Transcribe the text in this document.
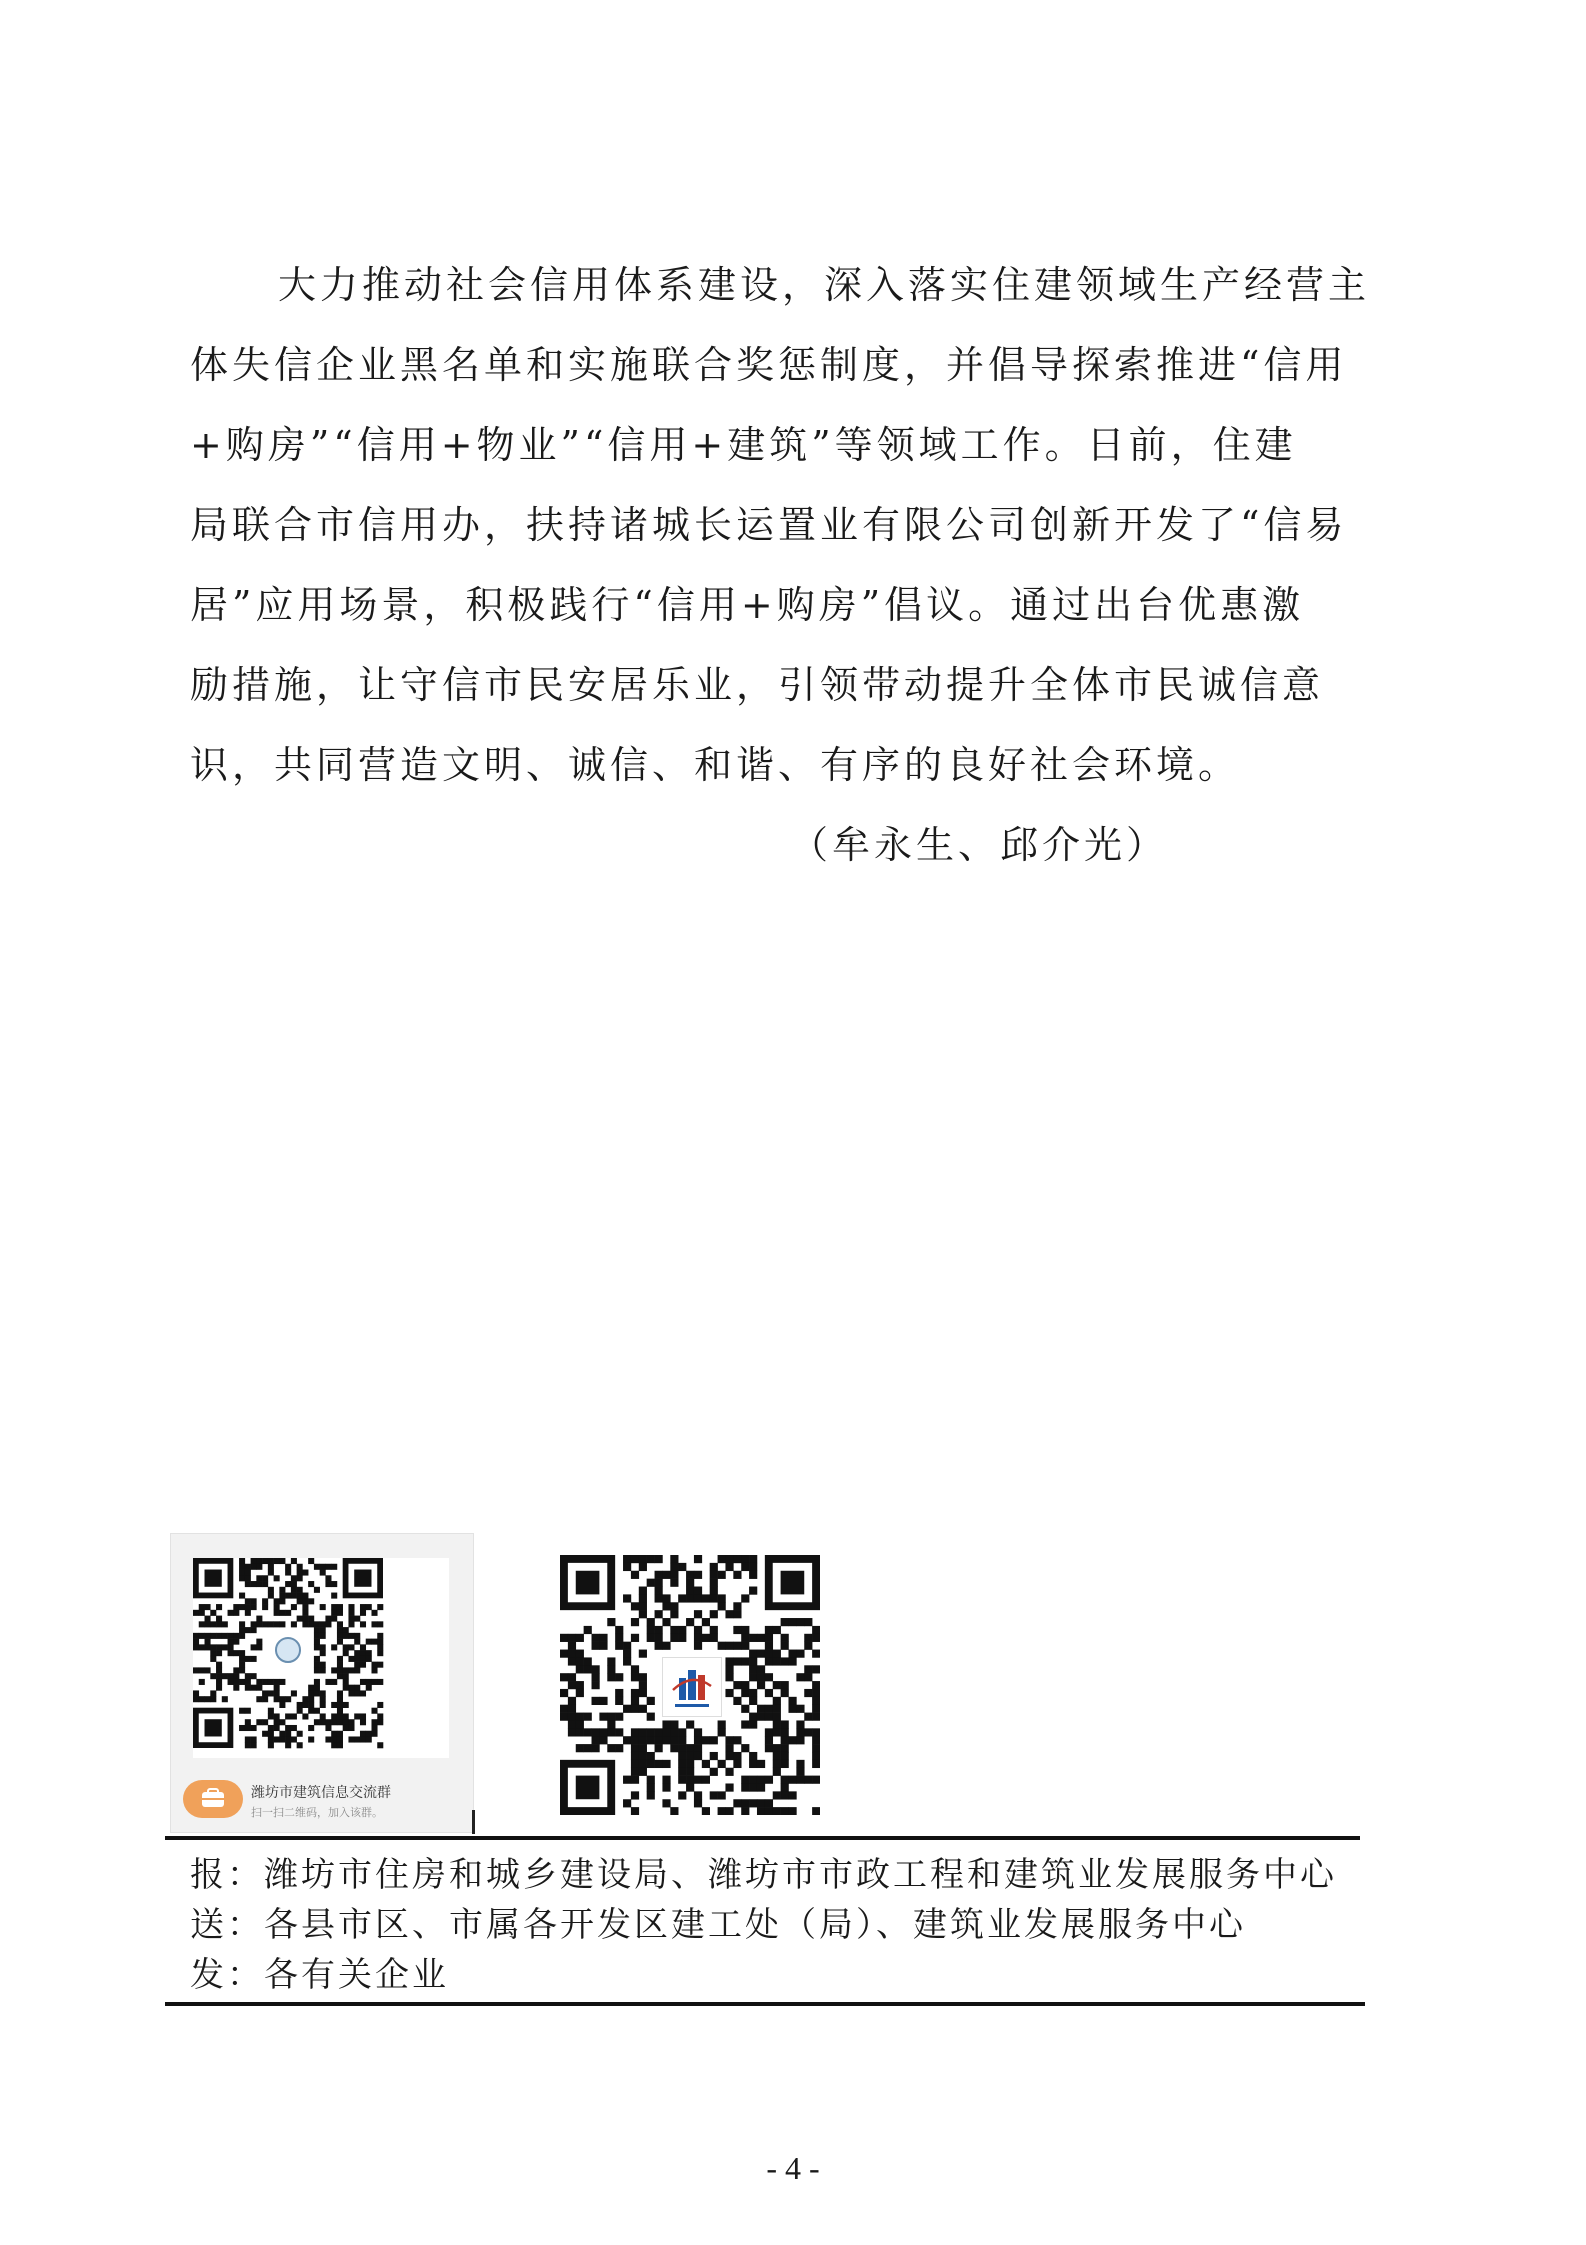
大力推动社会信用体系建设，深入落实住建领域生产经营主
体失信企业黑名单和实施联合奖惩制度，并倡导探索推进“信用
+购房”“信用+物业”“信用+建筑”等领域工作。日前，住建
局联合市信用办，扶持诸城长运置业有限公司创新开发了“信易
居”应用场景，积极践行“信用+购房”倡议。通过出台优惠激
励措施，让守信市民安居乐业，引领带动提升全体市民诚信意
识，共同营造文明、诚信、和谐、有序的良好社会环境。
（牟永生、邱介光）
潍坊市建筑信息交流群
扫一扫二维码，加入该群。
报：潍坊市住房和城乡建设局、潍坊市市政工程和建筑业发展服务中心
送：各县市区、市属各开发区建工处（局）、建筑业发展服务中心
发：各有关企业
- 4 -
